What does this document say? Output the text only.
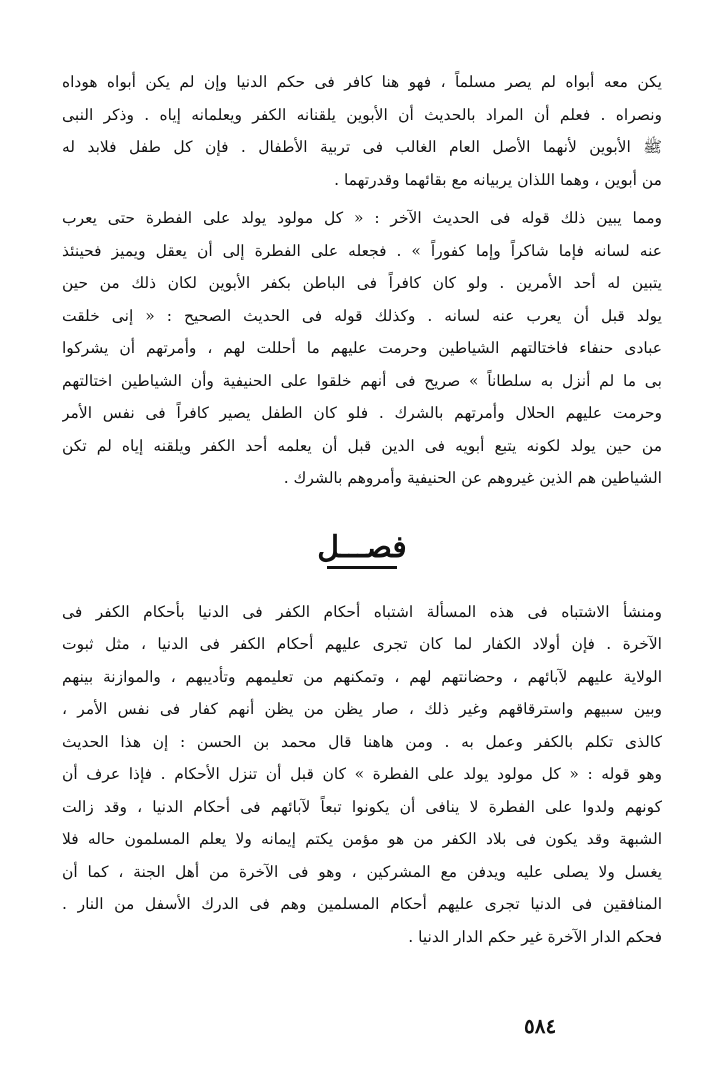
يكن معه أبواه لم يصر مسلماً ، فهو هنا كافر فى حكم الدنيا وإن لم يكن أبواه هوداه
ونصراه . فعلم أن المراد بالحديث أن الأبوين يلقنانه الكفر ويعلمانه إياه . وذكر النبى
ﷺ الأبوين لأنهما الأصل العام الغالب فى تربية الأطفال . فإن كل طفل فلابد له
من أبوين ، وهما اللذان يربيانه مع بقائهما وقدرتهما .

ومما يبين ذلك قوله فى الحديث الآخر : « كل مولود يولد على الفطرة حتى يعرب
عنه لسانه فإما شاكراً وإما كفوراً » . فجعله على الفطرة إلى أن يعقل ويميز فحينئذ
يتبين له أحد الأمرين . ولو كان كافراً فى الباطن بكفر الأبوين لكان ذلك من حين
يولد قبل أن يعرب عنه لسانه . وكذلك قوله فى الحديث الصحيح : « إنى خلقت
عبادى حنفاء فاختالتهم الشياطين وحرمت عليهم ما أحللت لهم ، وأمرتهم أن يشركوا
بى ما لم أنزل به سلطاناً » صريح فى أنهم خلقوا على الحنيفية وأن الشياطين اختالتهم
وحرمت عليهم الحلال وأمرتهم بالشرك . فلو كان الطفل يصير كافراً فى نفس الأمر
من حين يولد لكونه يتبع أبويه فى الدين قبل أن يعلمه أحد الكفر ويلقنه إياه لم تكن
الشياطين هم الذين غيروهم عن الحنيفية وأمروهم بالشرك .

فصـــل

ومنشأ الاشتباه فى هذه المسألة اشتباه أحكام الكفر فى الدنيا بأحكام الكفر فى
الآخرة . فإن أولاد الكفار لما كان تجرى عليهم أحكام الكفر فى الدنيا ، مثل ثبوت
الولاية عليهم لآبائهم ، وحضانتهم لهم ، وتمكنهم من تعليمهم وتأديبهم ، والموازنة بينهم
وبين سبيهم واسترقاقهم وغير ذلك ، صار يظن من يظن أنهم كفار فى نفس الأمر ،
كالذى تكلم بالكفر وعمل به . ومن هاهنا قال محمد بن الحسن : إن هذا الحديث
وهو قوله : « كل مولود يولد على الفطرة » كان قبل أن تنزل الأحكام . فإذا عرف أن
كونهم ولدوا على الفطرة لا ينافى أن يكونوا تبعاً لآبائهم فى أحكام الدنيا ، وقد زالت
الشبهة وقد يكون فى بلاد الكفر من هو مؤمن يكتم إيمانه ولا يعلم المسلمون حاله فلا
يغسل ولا يصلى عليه ويدفن مع المشركين ، وهو فى الآخرة من أهل الجنة ، كما أن
المنافقين فى الدنيا تجرى عليهم أحكام المسلمين وهم فى الدرك الأسفل من النار .
فحكم الدار الآخرة غير حكم الدار الدنيا .

٥٨٤
